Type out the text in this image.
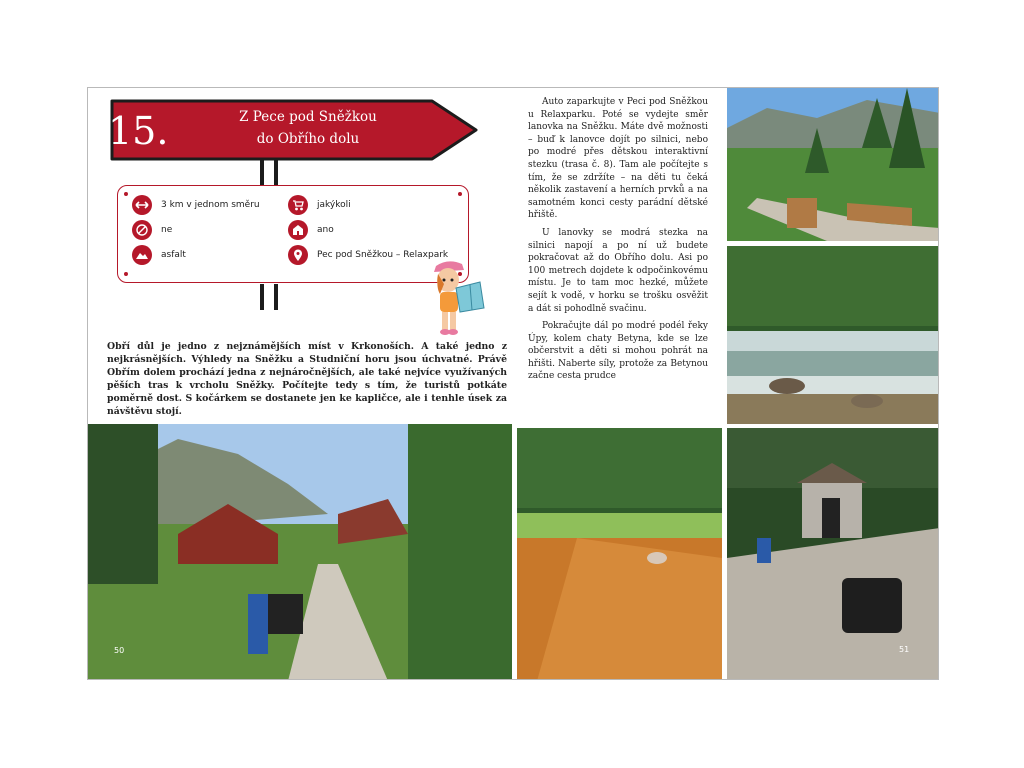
15.	Z Pece pod Sněžkou
do Obřího dolu
3 km v jednom směru
ne
asfalt
jakýkoli
ano
Pec pod Sněžkou – Relaxpark
Obří důl je jedno z nejznámějších míst v Krkonoších. A také jedno z nejkrásnějších. Výhledy na Sněžku a Studniční horu jsou úchvatné. Právě Obřím dolem prochází jedna z nejnáročnějších, ale také nejvíce využívaných pěších tras k vrcholu Sněžky. Počítejte tedy s tím, že turistů potkáte poměrně dost. S kočárkem se dostanete jen ke kapličce, ale i tenhle úsek za návštěvu stojí.

Auto zaparkujte v Peci pod Sněžkou u Relaxparku. Poté se vydejte směr lanovka na Sněžku. Máte dvě možnosti – buď k lanovce dojít po silnici, nebo po modré přes dětskou interaktivní stezku (trasa č. 8). Tam ale počítejte s tím, že se zdržíte – na děti tu čeká několik zastavení a herních prvků a na samotném konci cesty parádní dětské hřiště.

U lanovky se modrá stezka na silnici napojí a po ní už budete pokračovat až do Obřího dolu. Asi po 100 metrech dojdete k odpočinkovému místu. Je to tam moc hezké, můžete sejít k vodě, v horku se trošku osvěžit a dát si pohodlně svačinu.

Pokračujte dál po modré podél řeky Úpy, kolem chaty Betyna, kde se lze občerstvit a děti si mohou pohrát na hřišti. Naberte síly, protože za Betynou začne cesta prudce

50	51
